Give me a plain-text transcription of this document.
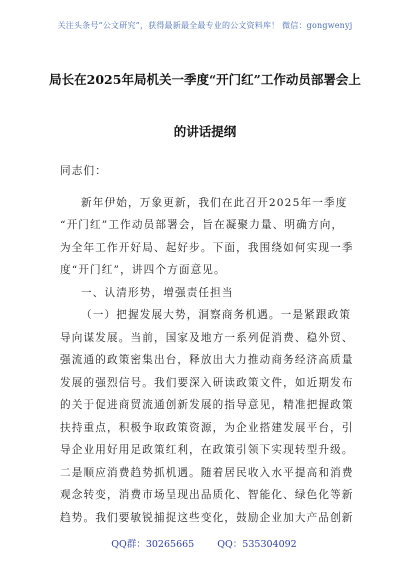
关注头条号“公文研究”，获得最新最全最专业的公文资料库！ 微信：gongwenyj
局长在2025年局机关一季度“开门红”工作动员部署会上
的讲话提纲

同志们：

新年伊始，万象更新，我们在此召开2025年一季度

“开门红”工作动员部署会，旨在凝聚力量、明确方向，

为全年工作开好局、起好步。下面，我围绕如何实现一季

度“开门红”，讲四个方面意见。

一、认清形势，增强责任担当

（一）把握发展大势，洞察商务机遇。一是紧跟政策

导向谋发展。当前，国家及地方一系列促消费、稳外贸、

强流通的政策密集出台，释放出大力推动商务经济高质量

发展的强烈信号。我们要深入研读政策文件，如近期发布

的关于促进商贸流通创新发展的指导意见，精准把握政策

扶持重点，积极争取政策资源，为企业搭建发展平台，引

导企业用好用足政策红利，在政策引领下实现转型升级。

二是顺应消费趋势抓机遇。随着居民收入水平提高和消费

观念转变，消费市场呈现出品质化、智能化、绿色化等新

趋势。我们要敏锐捕捉这些变化，鼓励企业加大产品创新

QQ群：30265665 QQ：535304092
